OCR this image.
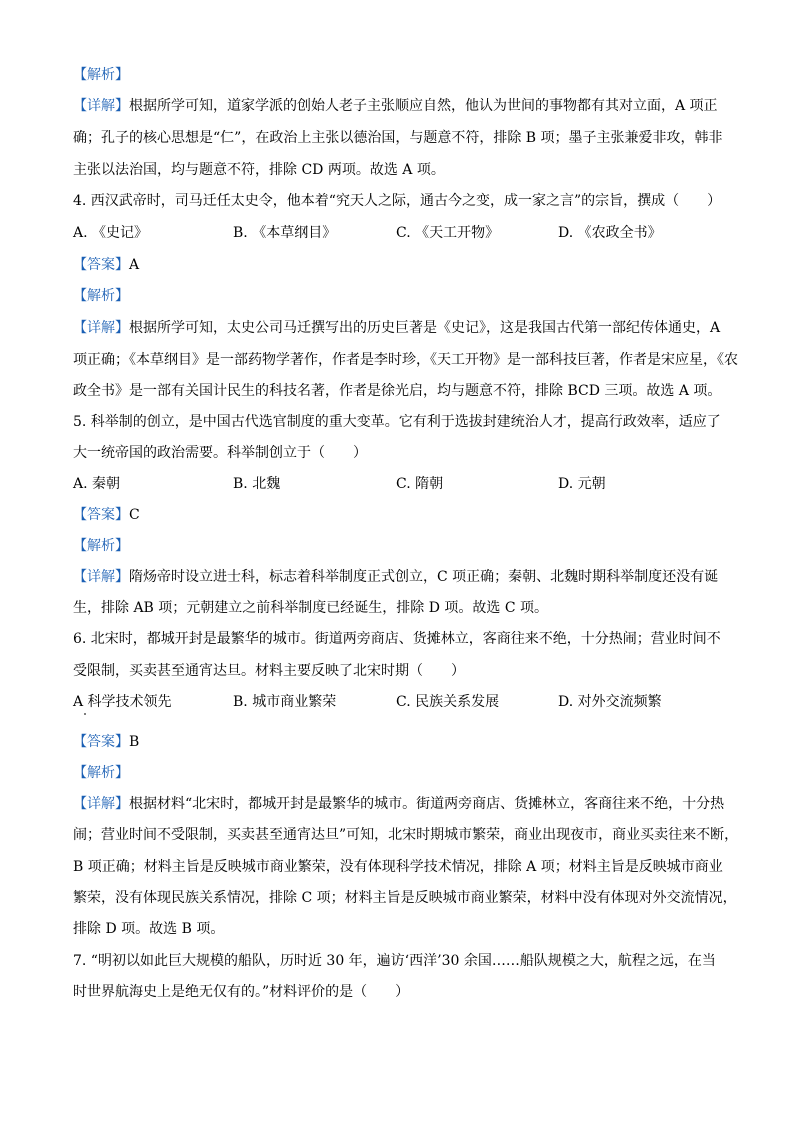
【解析】
【详解】根据所学可知，道家学派的创始人老子主张顺应自然，他认为世间的事物都有其对立面，A 项正
确；孔子的核心思想是“仁”，在政治上主张以德治国，与题意不符，排除 B 项；墨子主张兼爱非攻，韩非
主张以法治国，均与题意不符，排除 CD 两项。故选 A 项。
4. 西汉武帝时，司马迁任太史令，他本着“究天人之际，通古今之变，成一家之言”的宗旨，撰成（　　）
A. 《史记》	B. 《本草纲目》	C. 《天工开物》	D. 《农政全书》
【答案】A
【解析】
【详解】根据所学可知，太史公司马迁撰写出的历史巨著是《史记》，这是我国古代第一部纪传体通史，A
项正确；《本草纲目》是一部药物学著作，作者是李时珍，《天工开物》是一部科技巨著，作者是宋应星，《农
政全书》是一部有关国计民生的科技名著，作者是徐光启，均与题意不符，排除 BCD 三项。故选 A 项。
5. 科举制的创立，是中国古代选官制度的重大变革。它有利于选拔封建统治人才，提高行政效率，适应了
大一统帝国的政治需要。科举制创立于（　　）
A. 秦朝	B. 北魏	C. 隋朝	D. 元朝
【答案】C
【解析】
【详解】隋炀帝时设立进士科，标志着科举制度正式创立，C 项正确；秦朝、北魏时期科举制度还没有诞
生，排除 AB 项；元朝建立之前科举制度已经诞生，排除 D 项。故选 C 项。
6. 北宋时，都城开封是最繁华的城市。街道两旁商店、货摊林立，客商往来不绝，十分热闹；营业时间不
受限制，买卖甚至通宵达旦。材料主要反映了北宋时期（　　）
A 科学技术领先	B. 城市商业繁荣	C. 民族关系发展	D. 对外交流频繁
【答案】B
【解析】
【详解】根据材料“北宋时，都城开封是最繁华的城市。街道两旁商店、货摊林立，客商往来不绝，十分热
闹；营业时间不受限制，买卖甚至通宵达旦”可知，北宋时期城市繁荣，商业出现夜市，商业买卖往来不断，
B 项正确；材料主旨是反映城市商业繁荣，没有体现科学技术情况，排除 A 项；材料主旨是反映城市商业
繁荣，没有体现民族关系情况，排除 C 项；材料主旨是反映城市商业繁荣，材料中没有体现对外交流情况，
排除 D 项。故选 B 项。
7. “明初以如此巨大规模的船队，历时近 30 年，遍访‘西洋’30 余国……船队规模之大，航程之远，在当
时世界航海史上是绝无仅有的。”材料评价的是（　　）
